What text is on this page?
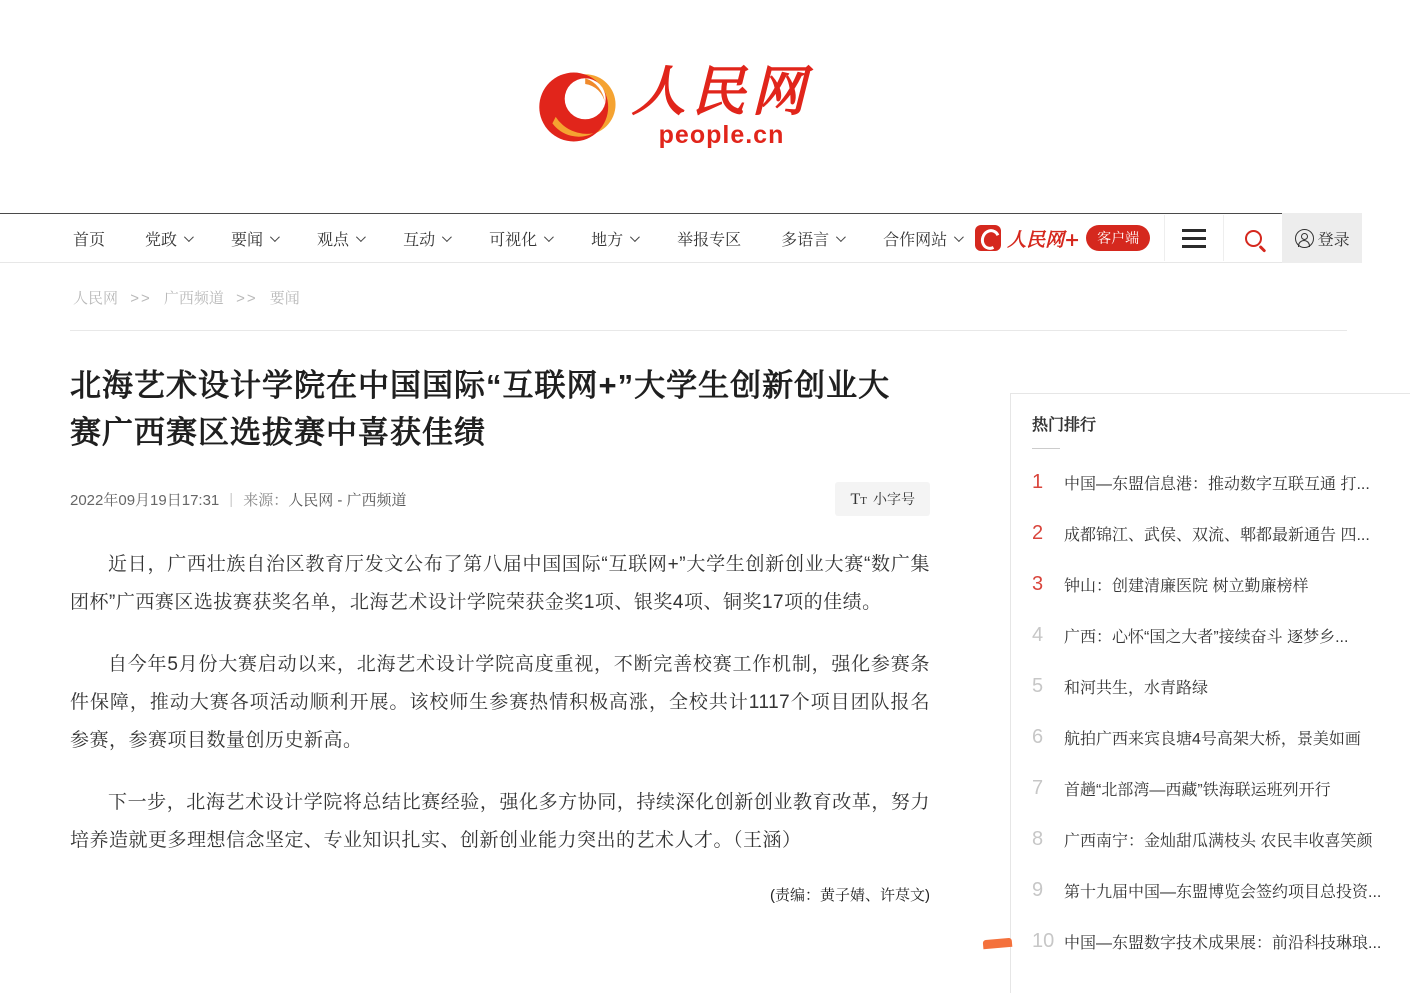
人民网
people.cn
首页	党政	要闻	观点	互动	可视化	地方	举报专区	多语言	合作网站	人民网+	客户端	登录
人民网 >> 广西频道 >> 要闻
北海艺术设计学院在中国国际“互联网+”大学生创新创业大赛广西赛区选拔赛中喜获佳绩
2022年09月19日17:31 | 来源： 人民网 - 广西频道	TT 小字号

近日，广西壮族自治区教育厅发文公布了第八届中国国际“互联网+”大学生创新创业大赛“数广集团杯”广西赛区选拔赛获奖名单，北海艺术设计学院荣获金奖1项、银奖4项、铜奖17项的佳绩。

自今年5月份大赛启动以来，北海艺术设计学院高度重视，不断完善校赛工作机制，强化参赛条件保障，推动大赛各项活动顺利开展。该校师生参赛热情积极高涨，全校共计1117个项目团队报名参赛，参赛项目数量创历史新高。

下一步，北海艺术设计学院将总结比赛经验，强化多方协同，持续深化创新创业教育改革，努力培养造就更多理想信念坚定、专业知识扎实、创新创业能力突出的艺术人才。（王涵）

(责编：黄子婧、许荩文)
热门排行
1	中国—东盟信息港：推动数字互联互通 打...
2	成都锦江、武侯、双流、郫都最新通告 四...
3	钟山：创建清廉医院 树立勤廉榜样
4	广西：心怀“国之大者”接续奋斗 逐梦乡...
5	和河共生，水青路绿
6	航拍广西来宾良塘4号高架大桥，景美如画
7	首趟“北部湾—西藏”铁海联运班列开行
8	广西南宁：金灿甜瓜满枝头 农民丰收喜笑颜
9	第十九届中国—东盟博览会签约项目总投资...
10 中国—东盟数字技术成果展：前沿科技琳琅...
